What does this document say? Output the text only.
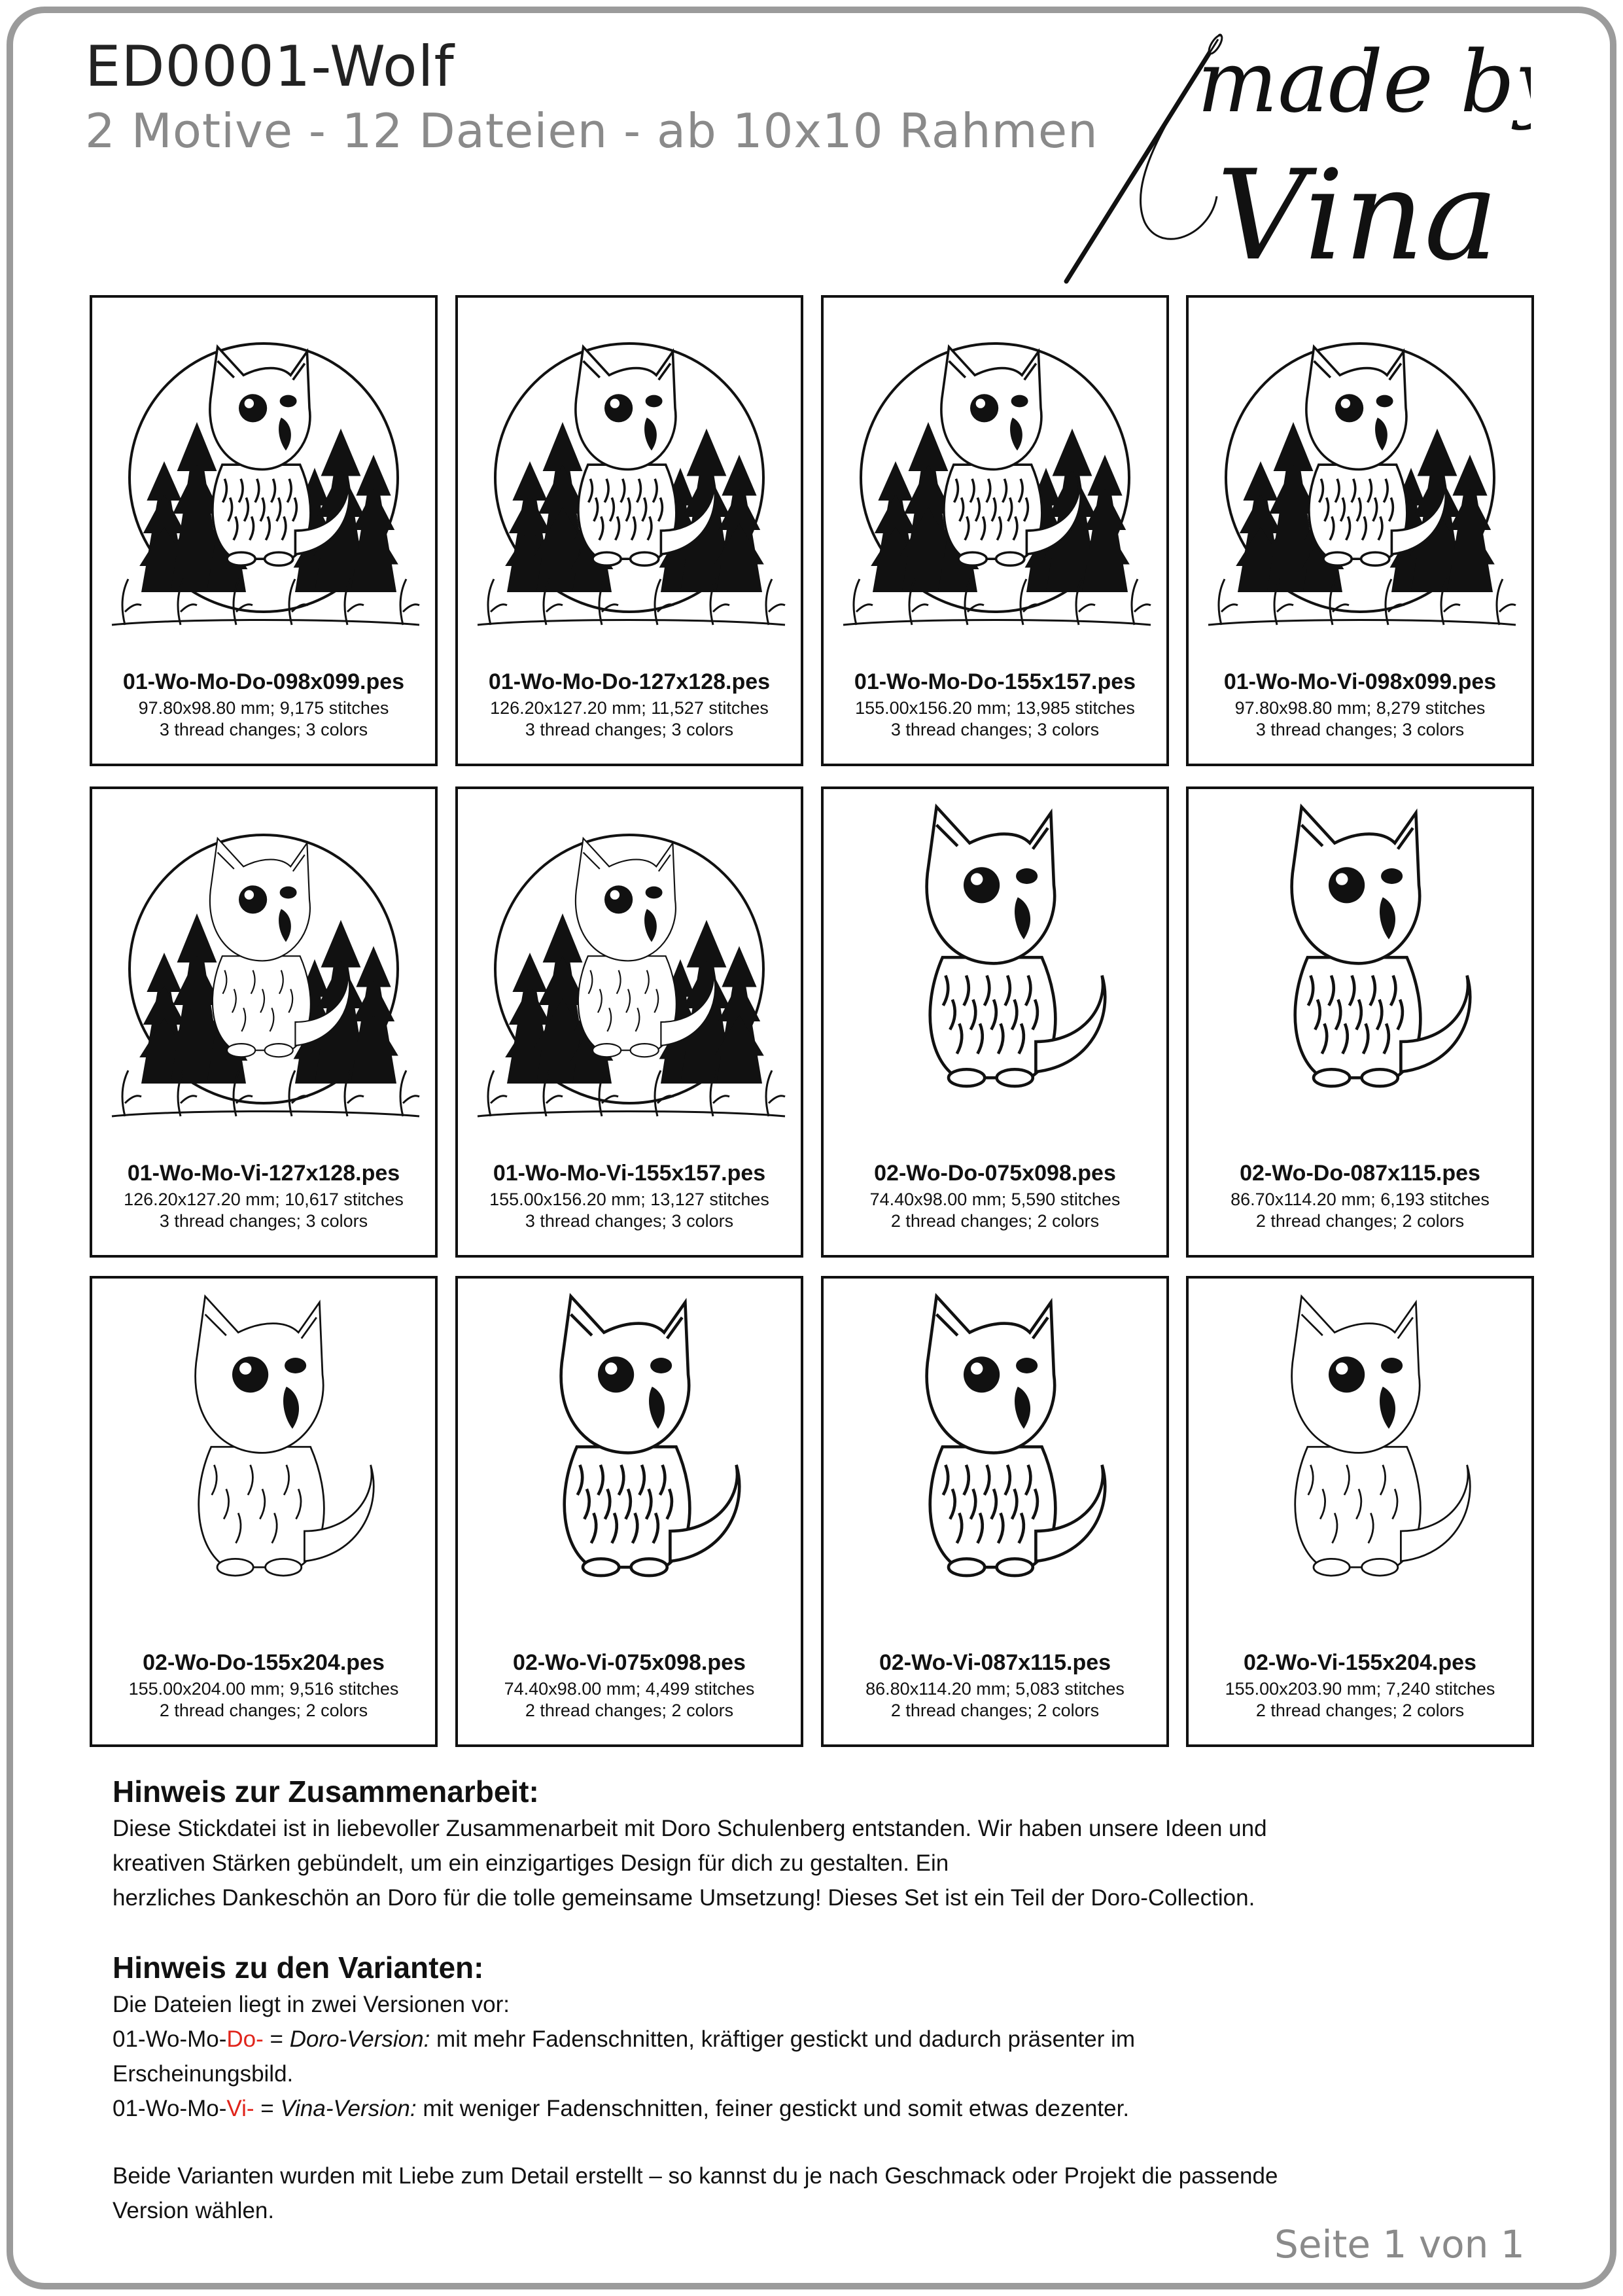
ED0001-Wolf
2 Motive - 12 Dateien - ab 10x10 Rahmen made by
Vina
01-Wo-Mo-Do-098x099.pes
97.80x98.80 mm; 9,175 stitches
3 thread changes; 3 colors
01-Wo-Mo-Do-127x128.pes
126.20x127.20 mm; 11,527 stitches
3 thread changes; 3 colors
01-Wo-Mo-Do-155x157.pes
155.00x156.20 mm; 13,985 stitches
3 thread changes; 3 colors
01-Wo-Mo-Vi-098x099.pes
97.80x98.80 mm; 8,279 stitches
3 thread changes; 3 colors
01-Wo-Mo-Vi-127x128.pes
126.20x127.20 mm; 10,617 stitches
3 thread changes; 3 colors
01-Wo-Mo-Vi-155x157.pes
155.00x156.20 mm; 13,127 stitches
3 thread changes; 3 colors
02-Wo-Do-075x098.pes
74.40x98.00 mm; 5,590 stitches
2 thread changes; 2 colors
02-Wo-Do-087x115.pes
86.70x114.20 mm; 6,193 stitches
2 thread changes; 2 colors
02-Wo-Do-155x204.pes
155.00x204.00 mm; 9,516 stitches
2 thread changes; 2 colors
02-Wo-Vi-075x098.pes
74.40x98.00 mm; 4,499 stitches
2 thread changes; 2 colors
02-Wo-Vi-087x115.pes
86.80x114.20 mm; 5,083 stitches
2 thread changes; 2 colors
02-Wo-Vi-155x204.pes
155.00x203.90 mm; 7,240 stitches
2 thread changes; 2 colors
Hinweis zur Zusammenarbeit:

Diese Stickdatei ist in liebevoller Zusammenarbeit mit Doro Schulenberg entstanden. Wir haben unsere Ideen und

kreativen Stärken gebündelt, um ein einzigartiges Design für dich zu gestalten. Ein

herzliches Dankeschön an Doro für die tolle gemeinsame Umsetzung! Dieses Set ist ein Teil der Doro-Collection.

Hinweis zu den Varianten:

Die Dateien liegt in zwei Versionen vor:

01-Wo-Mo-Do- = Doro-Version: mit mehr Fadenschnitten, kräftiger gestickt und dadurch präsenter im

Erscheinungsbild.

01-Wo-Mo-Vi- = Vina-Version: mit weniger Fadenschnitten, feiner gestickt und somit etwas dezenter.

Beide Varianten wurden mit Liebe zum Detail erstellt – so kannst du je nach Geschmack oder Projekt die passende

Version wählen.

Seite 1 von 1
